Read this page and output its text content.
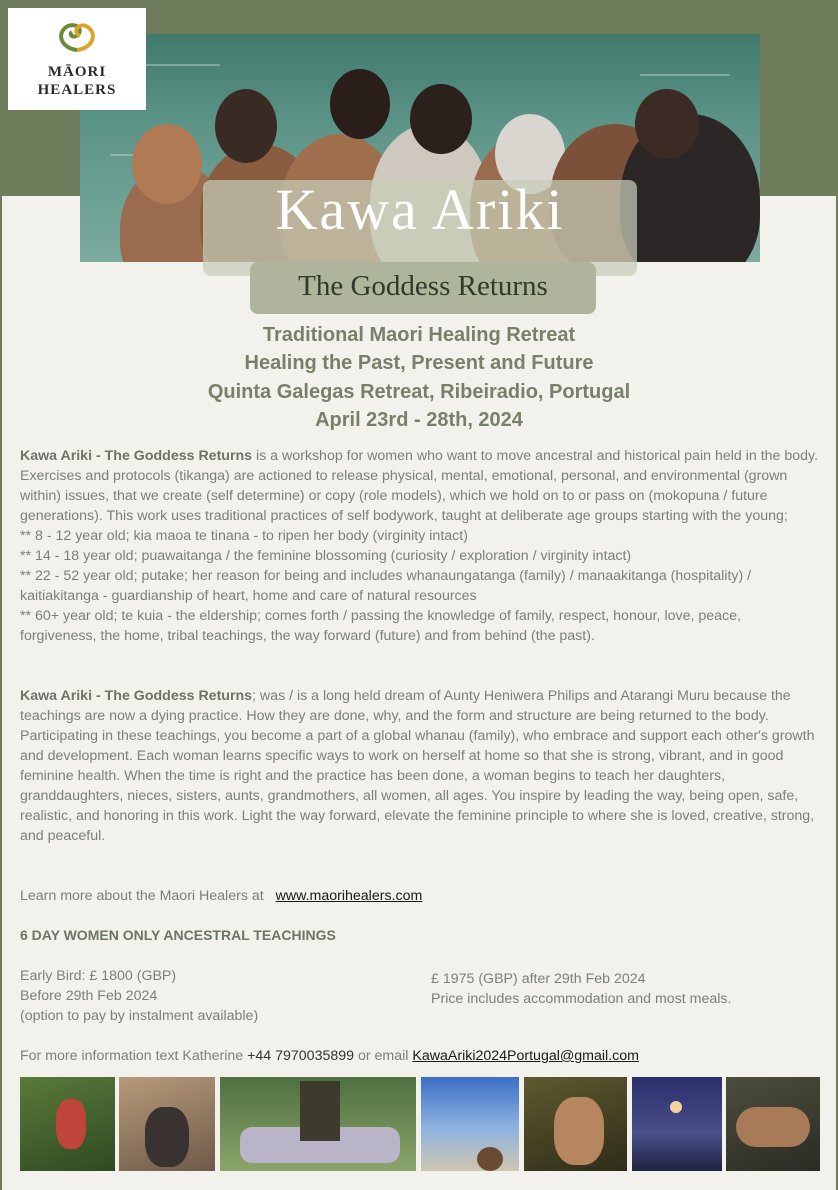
MĀORI
HEALERS
Kawa Ariki
The Goddess Returns
Traditional Maori Healing Retreat
Healing the Past, Present and Future
Quinta Galegas Retreat, Ribeiradio, Portugal
April 23rd - 28th, 2024
Kawa Ariki - The Goddess Returns is a workshop for women who want to move ancestral and historical pain held in the body. Exercises and protocols (tikanga) are actioned to release physical, mental, emotional, personal, and environmental (grown within) issues, that we create (self determine) or copy (role models), which we hold on to or pass on (mokopuna / future generations). This work uses traditional practices of self bodywork, taught at deliberate age groups starting with the young;
** 8 - 12 year old; kia maoa te tinana - to ripen her body (virginity intact)
** 14 - 18 year old; puawaitanga / the feminine blossoming (curiosity / exploration / virginity intact)
** 22 - 52 year old; putake; her reason for being and includes whanaungatanga (family) / manaakitanga (hospitality) / kaitiakitanga - guardianship of heart, home and care of natural resources
** 60+ year old; te kuia - the eldership; comes forth / passing the knowledge of family, respect, honour, love, peace, forgiveness, the home, tribal teachings, the way forward (future) and from behind (the past).
Kawa Ariki - The Goddess Returns; was / is a long held dream of Aunty Heniwera Philips and Atarangi Muru because the teachings are now a dying practice. How they are done, why, and the form and structure are being returned to the body. Participating in these teachings, you become a part of a global whanau (family), who embrace and support each other's growth and development. Each woman learns specific ways to work on herself at home so that she is strong, vibrant, and in good feminine health. When the time is right and the practice has been done, a woman begins to teach her daughters, granddaughters, nieces, sisters, aunts, grandmothers, all women, all ages. You inspire by leading the way, being open, safe, realistic, and honoring in this work. Light the way forward, elevate the feminine principle to where she is loved, creative, strong, and peaceful.
Learn more about the Maori Healers at www.maorihealers.com
6 DAY WOMEN ONLY ANCESTRAL TEACHINGS
Early Bird: £ 1800 (GBP)
Before 29th Feb 2024
(option to pay by instalment available)
£ 1975 (GBP) after 29th Feb 2024
Price includes accommodation and most meals.
For more information text Katherine +44 7970035899 or email KawaAriki2024Portugal@gmail.com
